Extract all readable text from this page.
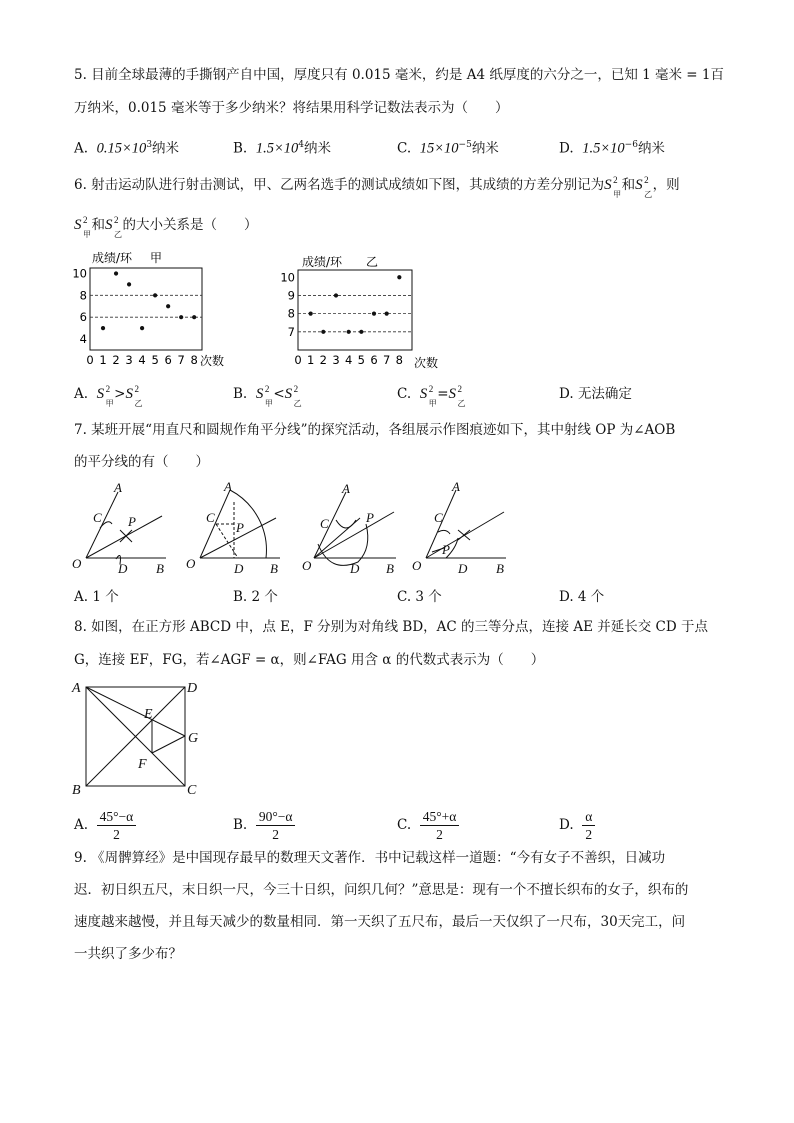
5. 目前全球最薄的手撕钢产自中国，厚度只有 0.015 毫米，约是 A4 纸厚度的六分之一，已知 1 毫米 = 1百
万纳米，0.015 毫米等于多少纳米？将结果用科学记数法表示为（　　）
A. $0.15\times 10^3$纳米	B. $1.5\times 10^4$纳米	C. $15\times 10^{-5}$纳米	D. $1.5\times 10^{-6}$纳米
6. 射击运动队进行射击测试，甲、乙两名选手的测试成绩如下图，其成绩的方差分别记为S 2
甲
和S 2
乙
，则
S 2
甲
和S 2
乙
的大小关系是（　　）
成绩/环 甲
次数
4
6
8
10
0 1 2 3 4 5 6 7 8
成绩/环 乙
次数
7
8
9
10
0 1 2 3 4 5 6 7 8
A. S 2
甲
>S 2
乙
B. S 2
甲
<S 2
乙
C. S 2
甲
=S 2
乙
D. 无法确定
7. 某班开展“用直尺和圆规作角平分线”的探究活动，各组展示作图痕迹如下，其中射线 OP 为∠AOB
的平分线的有（　　）
A
C P
O	D B
A
C
P
O	D B
A
C	P
O	D B
A
C
P
O	D B
A. 1 个	B. 2 个	C. 3 个	D. 4 个
8. 如图，在正方形 ABCD 中，点 E，F 分别为对角线 BD，AC 的三等分点，连接 AE 并延长交 CD 于点
G，连接 EF，FG，若∠AGF = α，则∠FAG 用含 α 的代数式表示为（　　）
A	D
B	C
E
F
G
A. $\frac{45^\circ-\alpha}{2}$	B. $\frac{90^\circ-\alpha}{2}$	C. $\frac{45^\circ+\alpha}{2}$	D. $\frac{\alpha}{2}$
9. 《周髀算经》是中国现存最早的数理天文著作．书中记载这样一道题：“今有女子不善织，日减功
迟．初日织五尺，末日织一尺，今三十日织，问织几何？”意思是：现有一个不擅长织布的女子，织布的
速度越来越慢，并且每天减少的数量相同．第一天织了五尺布，最后一天仅织了一尺布，30天完工，问
一共织了多少布？
